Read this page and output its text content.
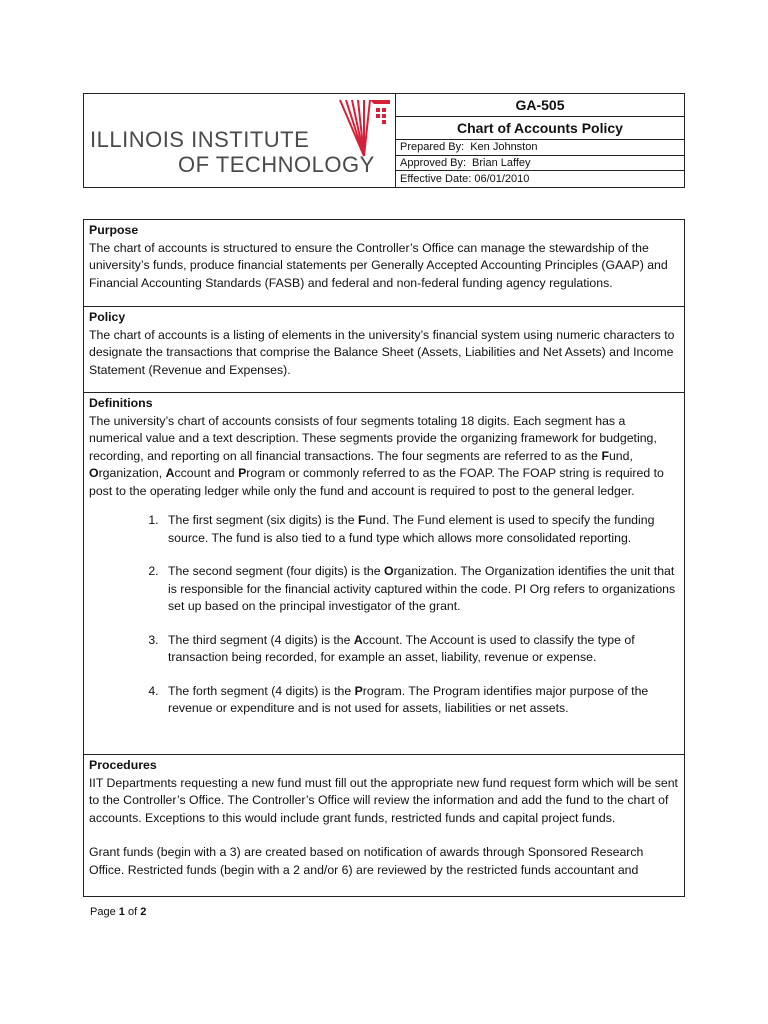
ILLINOIS INSTITUTE
OF TECHNOLOGY
GA-505
Chart of Accounts Policy
Prepared By: Ken Johnston
Approved By: Brian Laffey
Effective Date: 06/01/2010
Purpose

The chart of accounts is structured to ensure the Controller’s Office can manage the stewardship of the university’s funds, produce financial statements per Generally Accepted Accounting Principles (GAAP) and Financial Accounting Standards (FASB) and federal and non-federal funding agency regulations.

Policy

The chart of accounts is a listing of elements in the university’s financial system using numeric characters to designate the transactions that comprise the Balance Sheet (Assets, Liabilities and Net Assets) and Income Statement (Revenue and Expenses).

Definitions

The university’s chart of accounts consists of four segments totaling 18 digits. Each segment has a numerical value and a text description. These segments provide the organizing framework for budgeting, recording, and reporting on all financial transactions. The four segments are referred to as the Fund, Organization, Account and Program or commonly referred to as the FOAP. The FOAP string is required to post to the operating ledger while only the fund and account is required to post to the general ledger.

1. The first segment (six digits) is the Fund. The Fund element is used to specify the funding source. The fund is also tied to a fund type which allows more consolidated reporting.
2. The second segment (four digits) is the Organization. The Organization identifies the unit that is responsible for the financial activity captured within the code. PI Org refers to organizations set up based on the principal investigator of the grant.
3. The third segment (4 digits) is the Account. The Account is used to classify the type of transaction being recorded, for example an asset, liability, revenue or expense.
4. The forth segment (4 digits) is the Program. The Program identifies major purpose of the revenue or expenditure and is not used for assets, liabilities or net assets.
Procedures

IIT Departments requesting a new fund must fill out the appropriate new fund request form which will be sent to the Controller’s Office. The Controller’s Office will review the information and add the fund to the chart of accounts. Exceptions to this would include grant funds, restricted funds and capital project funds.

Grant funds (begin with a 3) are created based on notification of awards through Sponsored Research Office. Restricted funds (begin with a 2 and/or 6) are reviewed by the restricted funds accountant and

Page 1 of 2
